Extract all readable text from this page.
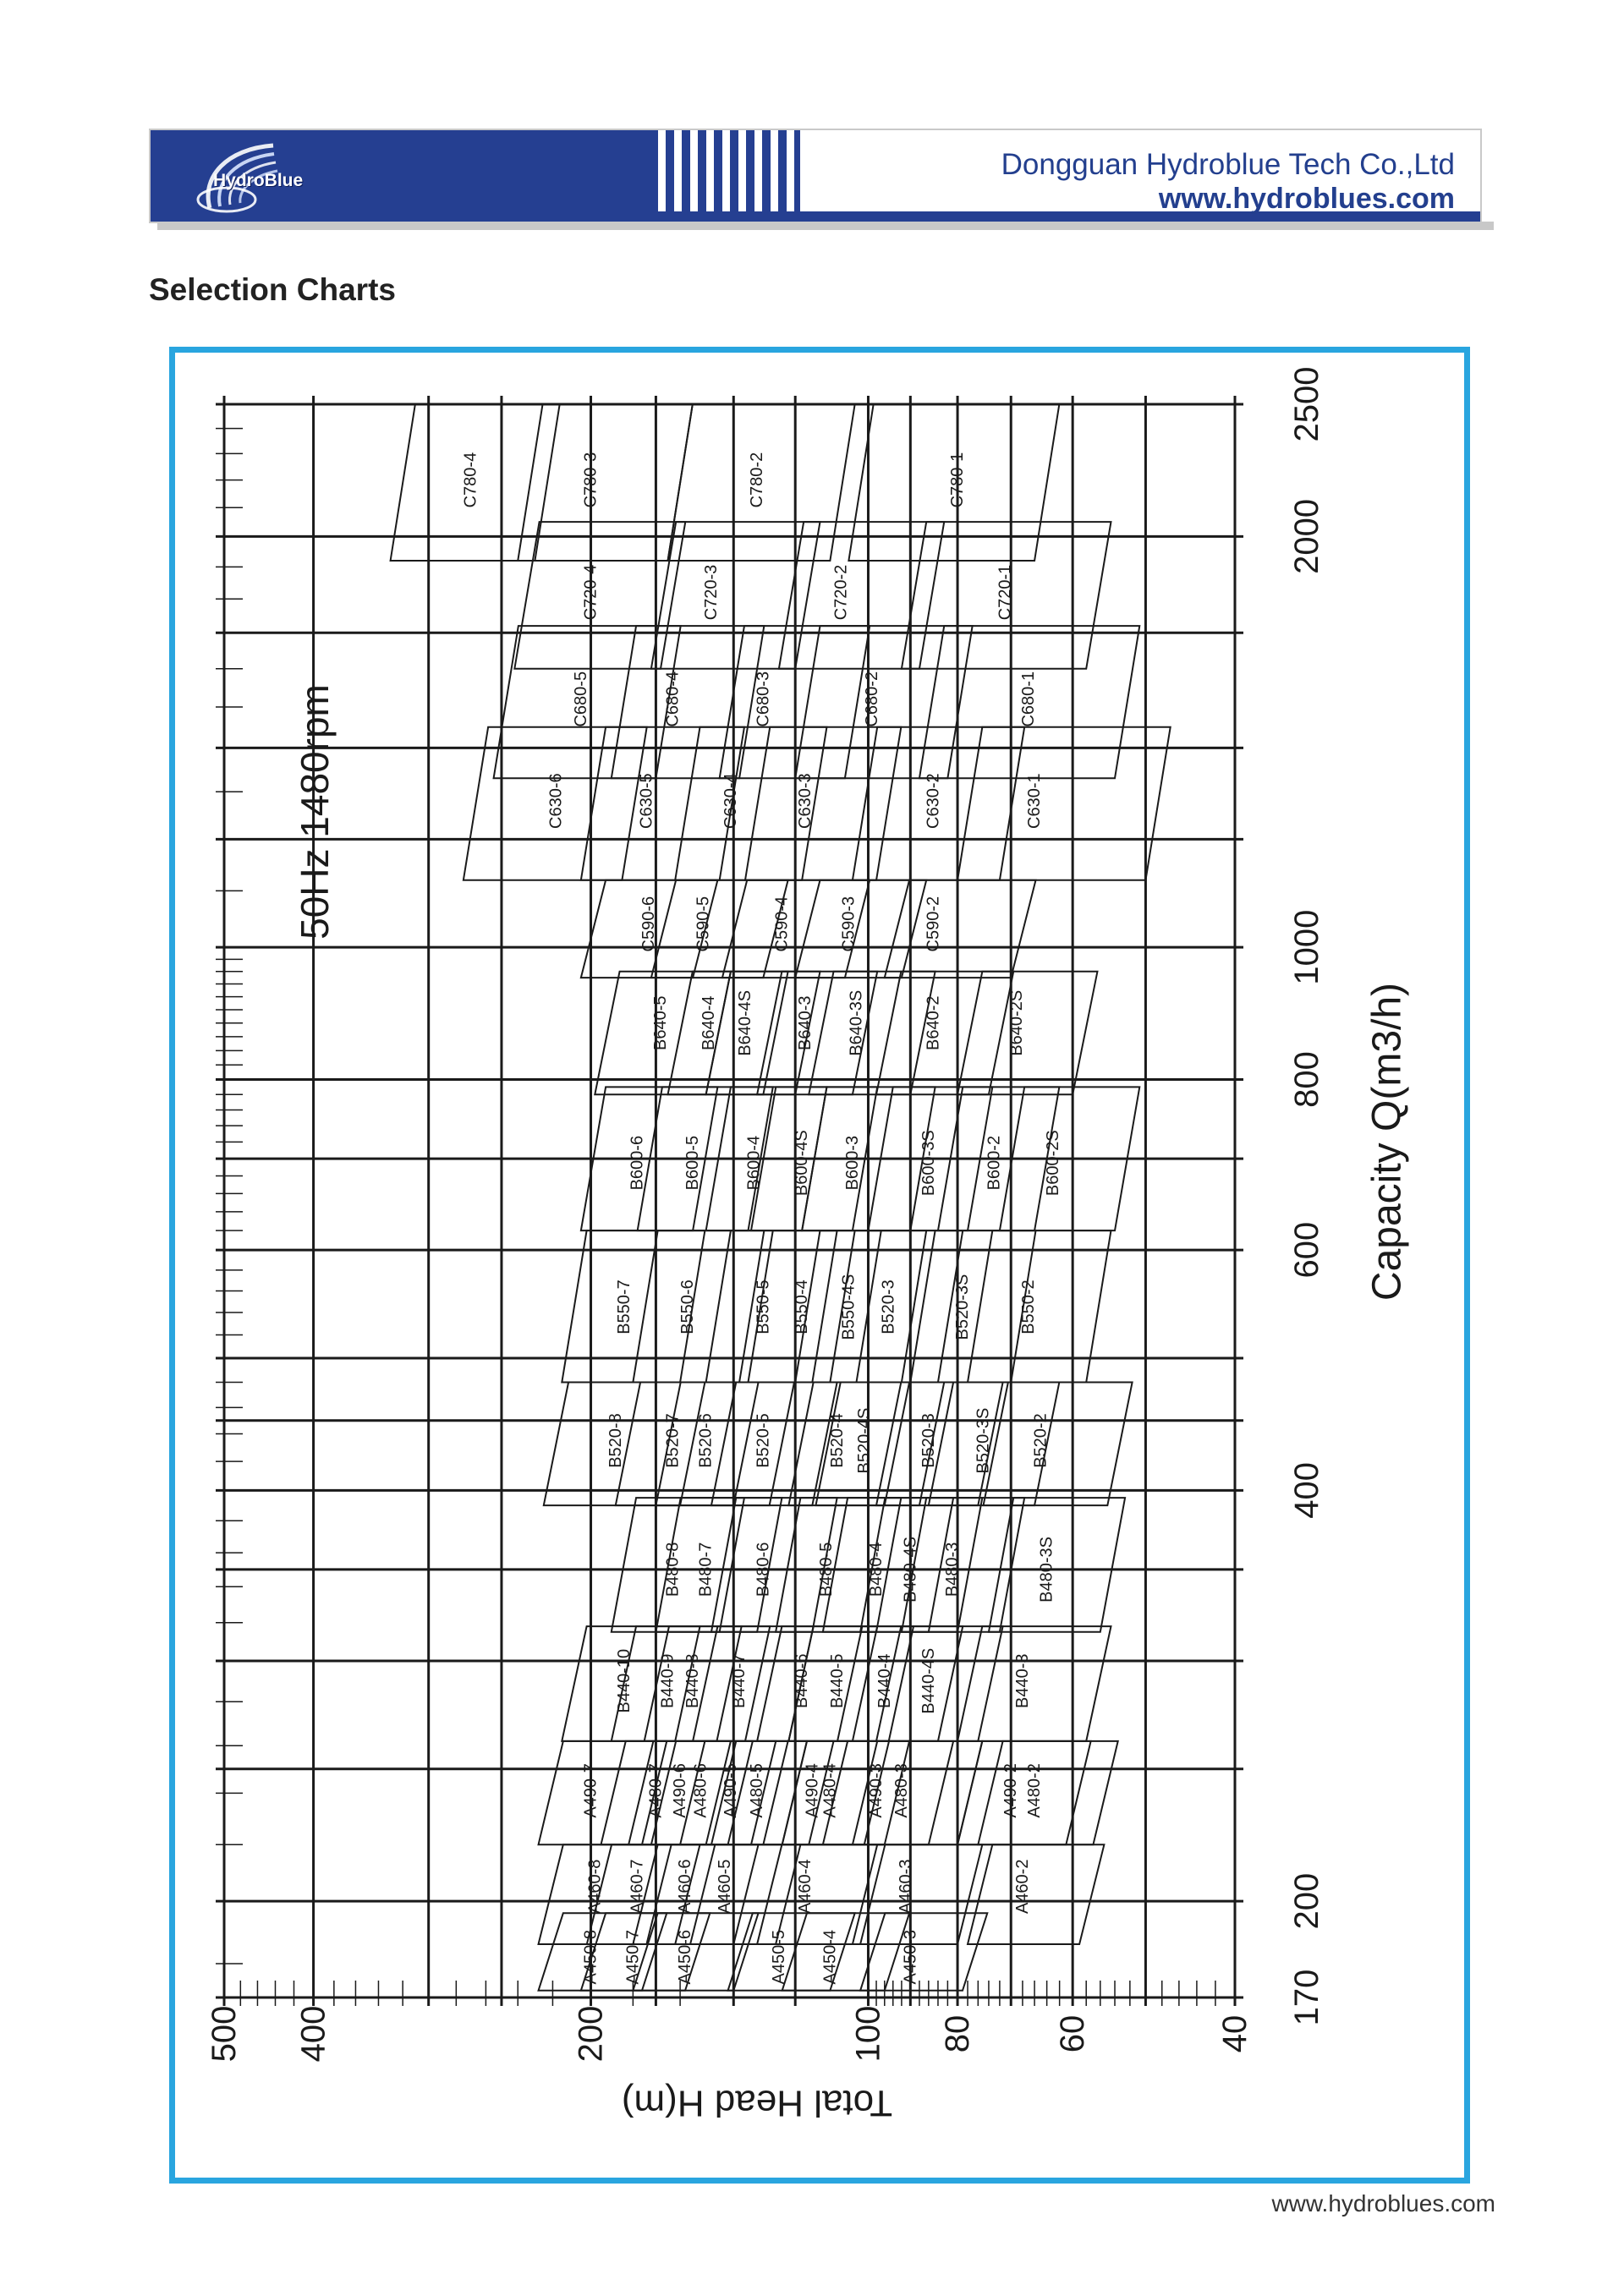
HydroBlue	Dongguan Hydroblue Tech Co.,Ltd
www.hydroblues.com
Selection Charts
C780-4	C780-3	C780-2	C780-1
C720-4	C720-3	C720-2	C720-1
C680-5	C680-4	C680-3	C680-2	C680-1
C630-6	C630-5	C630-4	C630-3	C630-2	C630-1
C590-6 C590-5	C590-4	C590-3	C590-2
B640-5 B640-4 B640-4S B640-3 B640-3S	B640-2	B640-2S
B600-6 B600-5	B600-4 B600-4S B600-3	B600-3S	B600-2 B600-2S
B550-7	B550-6	B550-5 B550-4 B550-4S B520-3	B520-3S	B550-2
B520-8 B520-7 B520-6 B520-5	B520-4 B520-4S	B520-3 B520-3S B520-2
B480-8 B480-7 B480-6	B480-5 B480-4 B480-4S B480-3	B480-3S
B440-10 B440-9 B440-8 B440-7	B440-6 B440-5 B440-4 B440-4S	B440-3
A490-7	A480-7 A490-6 A480-6 A490-5 A480-5 A490-4 A480-4 A490-3 A480-3	A490-2 A480-2
A460-8 A460-7 A460-6 A460-5	A460-4	A460-3	A460-2
A450-8 A450-7 A450-6	A450-5 A450-4	A450-3
170
200
400
600
800
1000
2000
2500
40
60
80
100
200
400
500
50Hz 1480rpm
Capacity Q(m3/h)
Total Head H(m)
www.hydroblues.com
